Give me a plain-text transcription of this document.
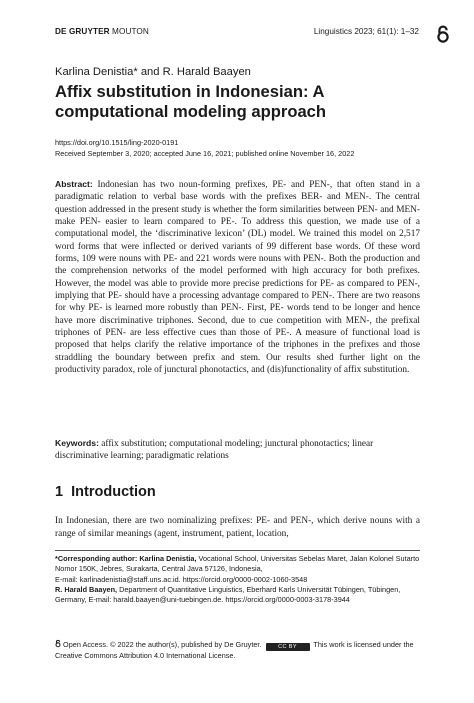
DE GRUYTER MOUTON	Linguistics 2023; 61(1): 1–32
Karlina Denistia* and R. Harald Baayen
Affix substitution in Indonesian: A computational modeling approach
https://doi.org/10.1515/ling-2020-0191
Received September 3, 2020; accepted June 16, 2021; published online November 16, 2022
Abstract: Indonesian has two noun-forming prefixes, PE- and PEN-, that often stand in a paradigmatic relation to verbal base words with the prefixes BER- and MEN-. The central question addressed in the present study is whether the form similarities between PEN- and MEN- make PEN- easier to learn compared to PE-. To address this question, we made use of a computational model, the ‘discriminative lexicon’ (DL) model. We trained this model on 2,517 word forms that were inflected or derived variants of 99 different base words. Of these word forms, 109 were nouns with PE- and 221 words were nouns with PEN-. Both the production and the comprehension networks of the model performed with high accuracy for both prefixes. However, the model was able to provide more precise predictions for PE- as compared to PEN-, implying that PE- should have a processing advantage compared to PEN-. There are two reasons for why PE- is learned more robustly than PEN-. First, PE- words tend to be longer and hence have more discriminative triphones. Second, due to cue competition with MEN-, the prefixal triphones of PEN- are less effective cues than those of PE-. A measure of functional load is proposed that helps clarify the relative importance of the triphones in the prefixes and those straddling the boundary between prefix and stem. Our results shed further light on the productivity paradox, role of junctural phonotactics, and (dis)functionality of affix substitution.
Keywords: affix substitution; computational modeling; junctural phonotactics; linear discriminative learning; paradigmatic relations
1 Introduction
In Indonesian, there are two nominalizing prefixes: PE- and PEN-, which derive nouns with a range of similar meanings (agent, instrument, patient, location,
*Corresponding author: Karlina Denistia, Vocational School, Universitas Sebelas Maret, Jalan Kolonel Sutarto Nomor 150K, Jebres, Surakarta, Central Java 57126, Indonesia,
E-mail: karlinadenistia@staff.uns.ac.id. https://orcid.org/0000-0002-1060-3548
R. Harald Baayen, Department of Quantitative Linguistics, Eberhard Karls Universität Tübingen, Tübingen, Germany, E-mail: harald.baayen@uni-tuebingen.de. https://orcid.org/0000-0003-3178-3944
Open Access. © 2022 the author(s), published by De Gruyter.	CC BY This work is licensed under the Creative Commons Attribution 4.0 International License.
